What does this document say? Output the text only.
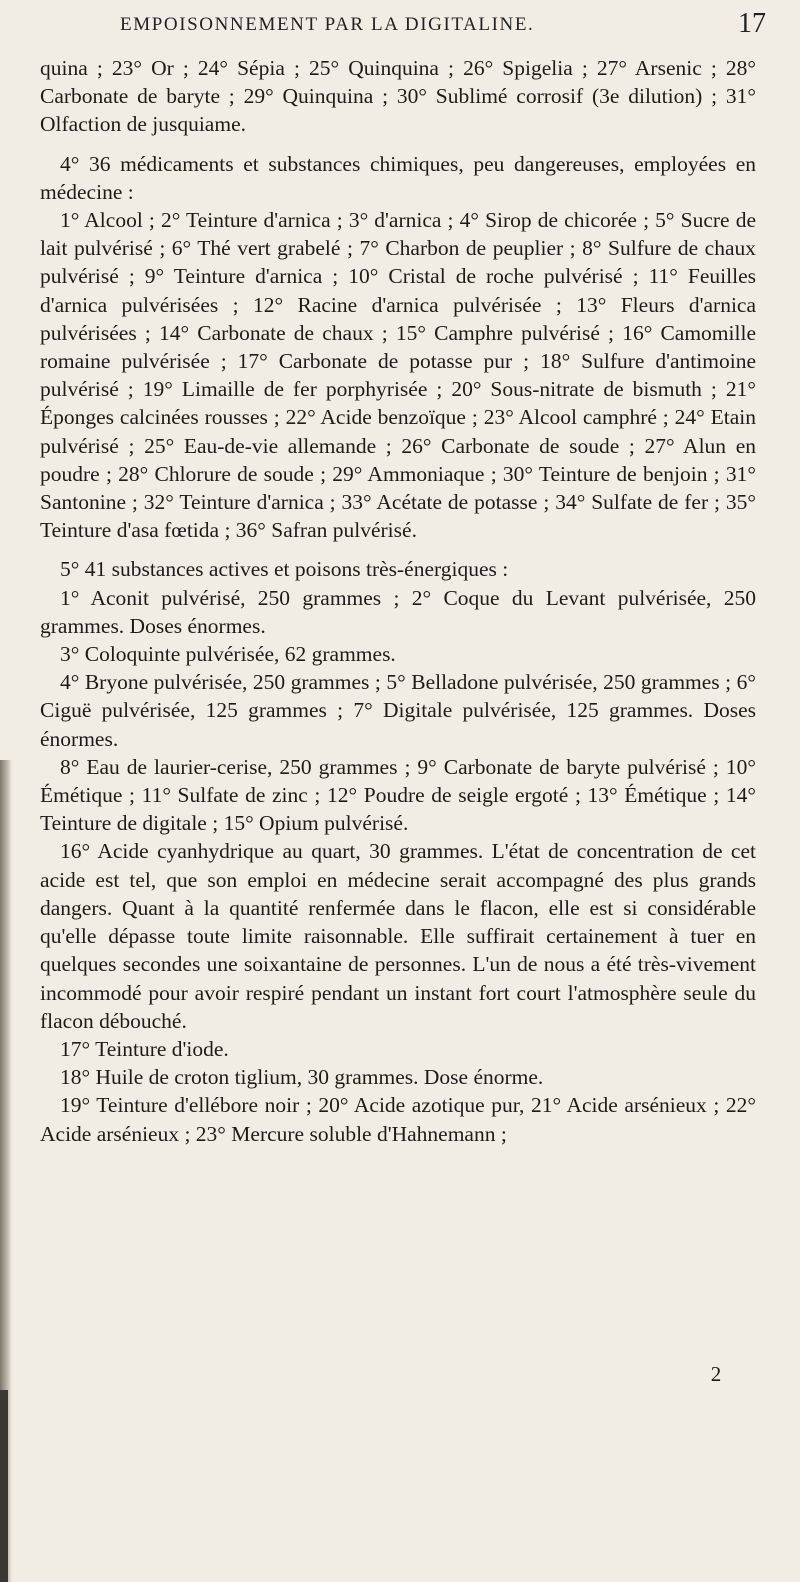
EMPOISONNEMENT PAR LA DIGITALINE.	17

quina ; 23° Or ; 24° Sépia ; 25° Quinquina ; 26° Spigelia ; 27° Arsenic ; 28° Carbonate de baryte ; 29° Quinquina ; 30° Sublimé corrosif (3e dilution) ; 31° Olfaction de jusquiame.

4° 36 médicaments et substances chimiques, peu dangereuses, employées en médecine :

1° Alcool ; 2° Teinture d'arnica ; 3° d'arnica ; 4° Sirop de chicorée ; 5° Sucre de lait pulvérisé ; 6° Thé vert grabelé ; 7° Charbon de peuplier ; 8° Sulfure de chaux pulvérisé ; 9° Teinture d'arnica ; 10° Cristal de roche pulvérisé ; 11° Feuilles d'arnica pulvérisées ; 12° Racine d'arnica pulvérisée ; 13° Fleurs d'arnica pulvérisées ; 14° Carbonate de chaux ; 15° Camphre pulvérisé ; 16° Camomille romaine pulvérisée ; 17° Carbonate de potasse pur ; 18° Sulfure d'antimoine pulvérisé ; 19° Limaille de fer porphyrisée ; 20° Sous-nitrate de bismuth ; 21° Éponges calcinées rousses ; 22° Acide benzoïque ; 23° Alcool camphré ; 24° Etain pulvérisé ; 25° Eau-de-vie allemande ; 26° Carbonate de soude ; 27° Alun en poudre ; 28° Chlorure de soude ; 29° Ammoniaque ; 30° Teinture de benjoin ; 31° Santonine ; 32° Teinture d'arnica ; 33° Acétate de potasse ; 34° Sulfate de fer ; 35° Teinture d'asa fœtida ; 36° Safran pulvérisé.

5° 41 substances actives et poisons très-énergiques :

1° Aconit pulvérisé, 250 grammes ; 2° Coque du Levant pulvérisée, 250 grammes. Doses énormes.

3° Coloquinte pulvérisée, 62 grammes.

4° Bryone pulvérisée, 250 grammes ; 5° Belladone pulvérisée, 250 grammes ; 6° Ciguë pulvérisée, 125 grammes ; 7° Digitale pulvérisée, 125 grammes. Doses énormes.

8° Eau de laurier-cerise, 250 grammes ; 9° Carbonate de baryte pulvérisé ; 10° Émétique ; 11° Sulfate de zinc ; 12° Poudre de seigle ergoté ; 13° Émétique ; 14° Teinture de digitale ; 15° Opium pulvérisé.

16° Acide cyanhydrique au quart, 30 grammes. L'état de concentration de cet acide est tel, que son emploi en médecine serait accompagné des plus grands dangers. Quant à la quantité renfermée dans le flacon, elle est si considérable qu'elle dépasse toute limite raisonnable. Elle suffirait certainement à tuer en quelques secondes une soixantaine de personnes. L'un de nous a été très-vivement incommodé pour avoir respiré pendant un instant fort court l'atmosphère seule du flacon débouché.

17° Teinture d'iode.

18° Huile de croton tiglium, 30 grammes. Dose énorme.

19° Teinture d'ellébore noir ; 20° Acide azotique pur, 21° Acide arsénieux ; 22° Acide arsénieux ; 23° Mercure soluble d'Hahnemann ;

2
